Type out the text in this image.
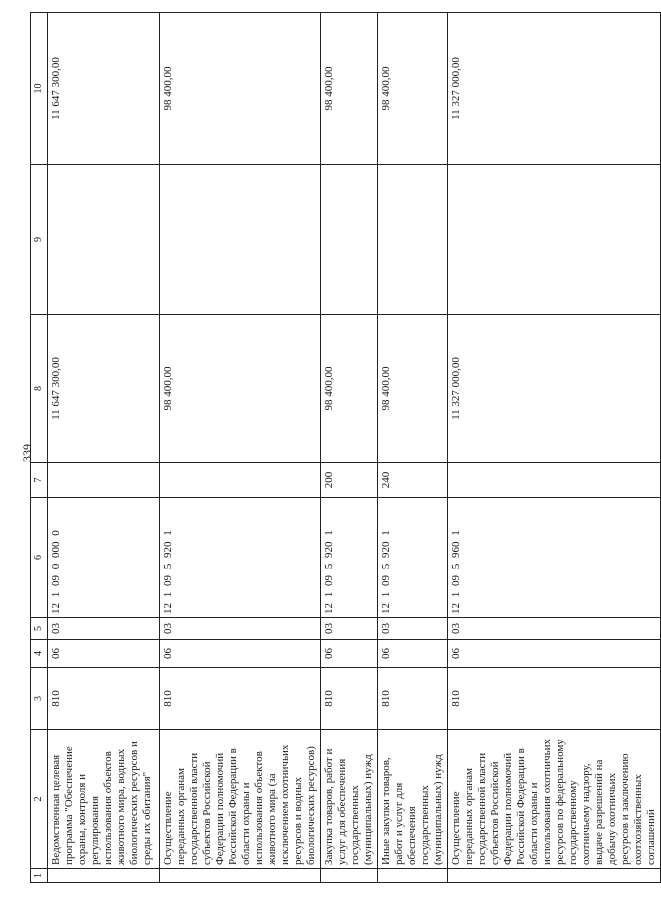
339
1	2	3	4	5	6	7	8	9	10
	Ведомственная целевая программа "Обеспечение охраны, контроля и регулирования использования объектов животного мира, водных биологических ресурсов и среды их обитания"	810	06	03	12 1 09 0 000 0		11 647 300,00		11 647 300,00
	Осуществление переданных органам государственной власти субъектов Российской Федерации полномочий Российской Федерации в области охраны и использования объектов животного мира (за исключением охотничьих ресурсов и водных биологических ресурсов)	810	06	03	12 1 09 5 920 1		98 400,00		98 400,00
	Закупка товаров, работ и услуг для обеспечения государственных (муниципальных) нужд	810	06	03	12 1 09 5 920 1	200	98 400,00		98 400,00
	Иные закупки товаров, работ и услуг для обеспечения государственных (муниципальных) нужд	810	06	03	12 1 09 5 920 1	240	98 400,00		98 400,00
	Осуществление переданных органам государственной власти субъектов Российской Федерации полномочий Российской Федерации в области охраны и использования охотничьих ресурсов по федеральному государственному охотничьему надзору, выдаче разрешений на добычу охотничьих ресурсов и заключению охотхозяйственных соглашений	810	06	03	12 1 09 5 960 1		11 327 000,00		11 327 000,00
